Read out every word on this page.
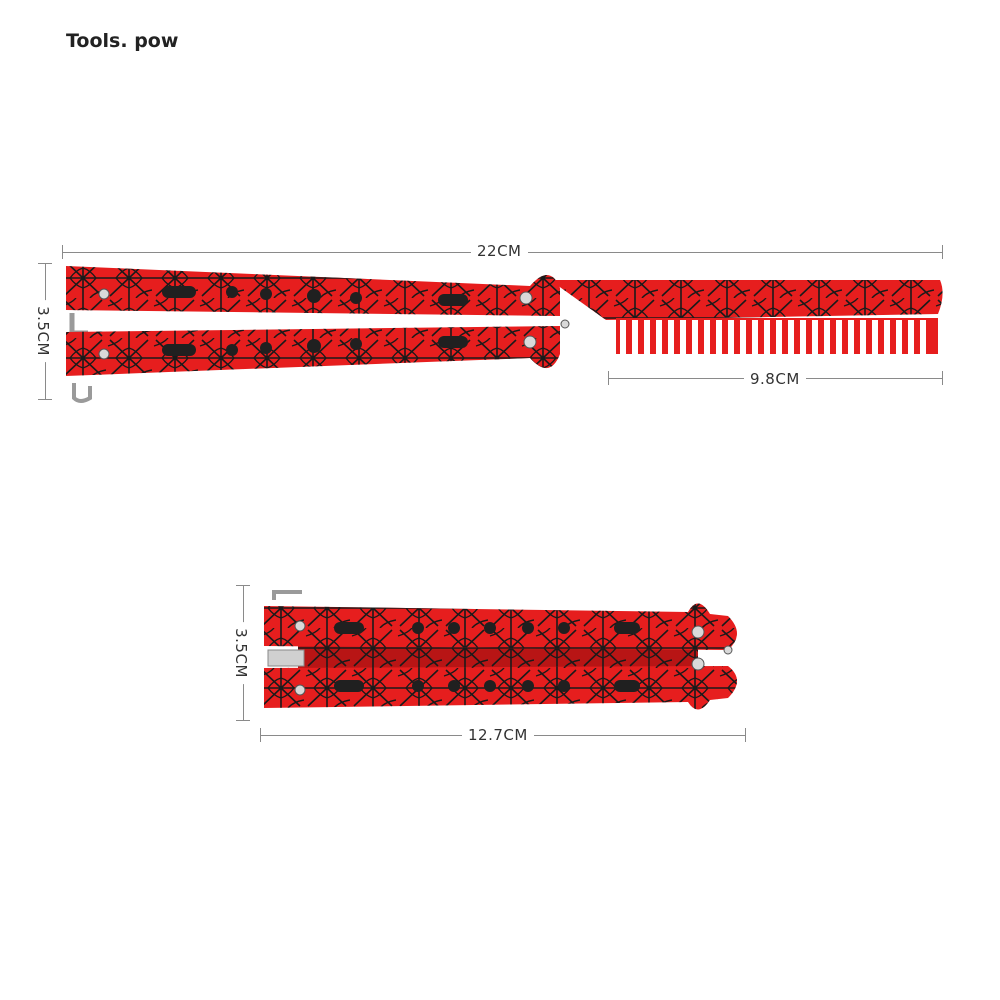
Tools. pow
22CM
3.5CM
9.8CM
3.5CM
12.7CM
